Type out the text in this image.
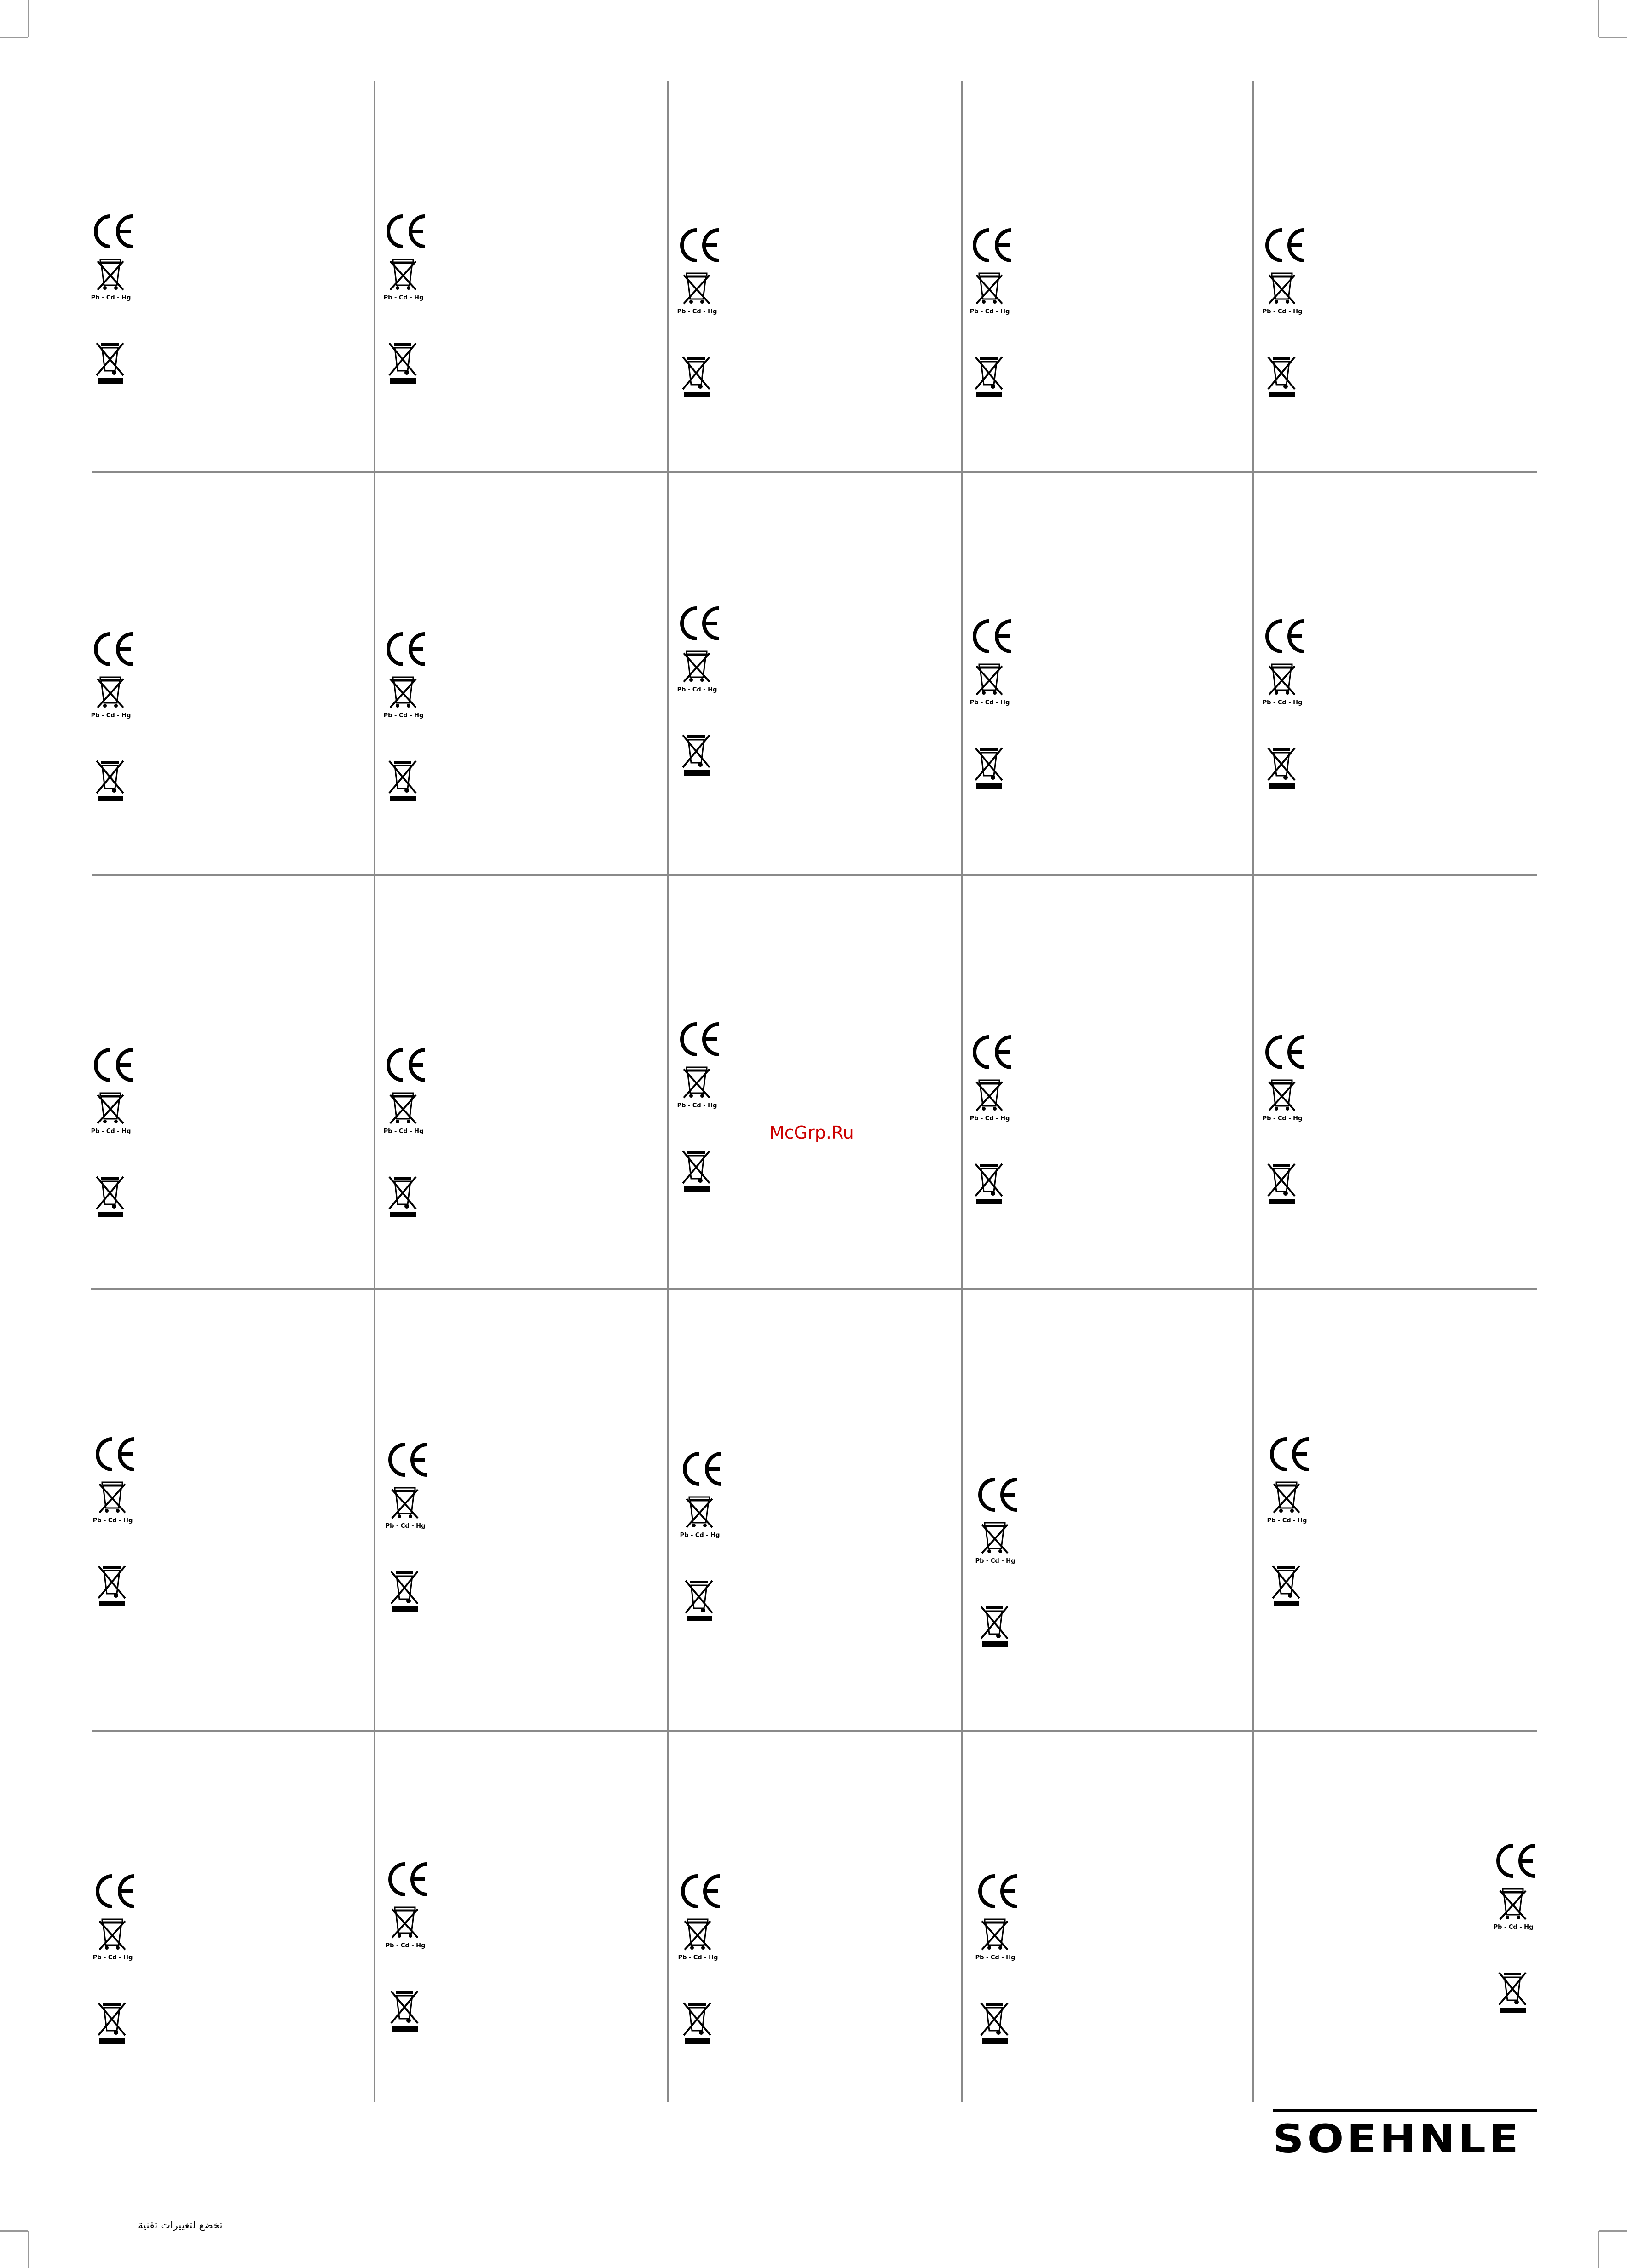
Pb - Cd - Hg	Pb - Cd - Hg
Pb - Cd - Hg	Pb - Cd - Hg	Pb - Cd - Hg
Pb - Cd - Hg	Pb - Cd - Hg
Pb - Cd - Hg
Pb - Cd - Hg	Pb - Cd - Hg
Pb - Cd - Hg	Pb - Cd - Hg
Pb - Cd - Hg
Pb - Cd - Hg	Pb - Cd - Hg
Pb - Cd - Hg
Pb - Cd - Hg
Pb - Cd - Hg
Pb - Cd - Hg
Pb - Cd - Hg
Pb - Cd - Hg
Pb - Cd - Hg
Pb - Cd - Hg	Pb - Cd - Hg
Pb - Cd - Hg
McGrp.Ru
SOEHNLE
تخضع لتغييرات تقنية
